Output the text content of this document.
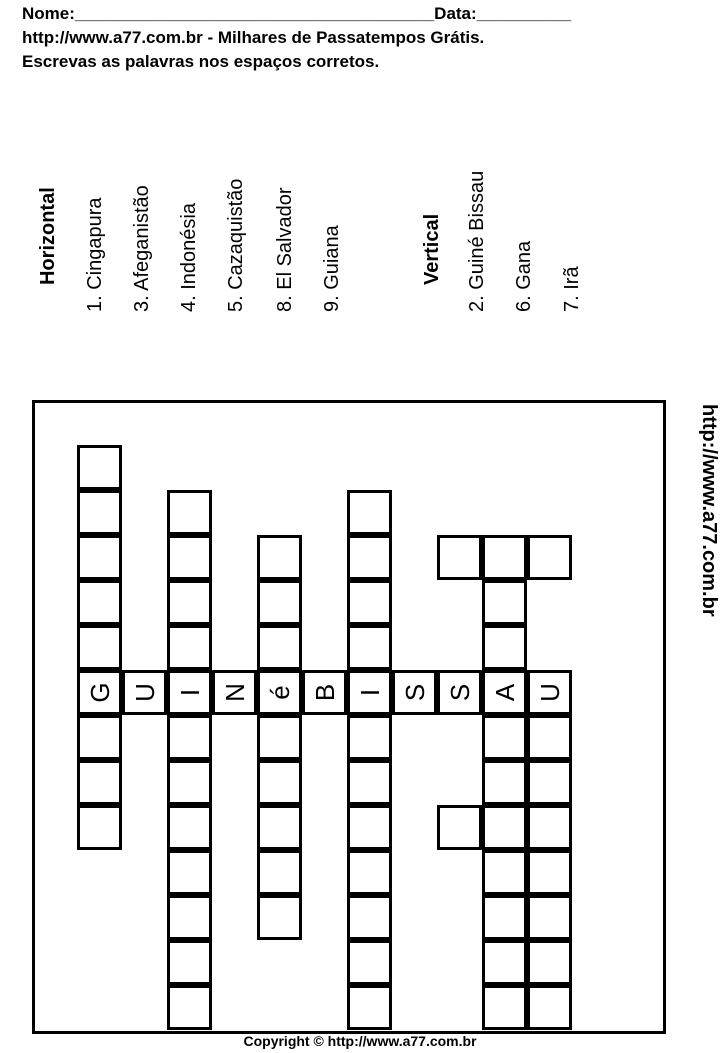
Nome:______________________________________Data:__________
http://www.a77.com.br - Milhares de Passatempos Grátis.
Escrevas as palavras nos espaços corretos.
Horizontal 1. Cingapura 3. Afeganistão 4. Indonésia 5. Cazaquistão 8. El Salvador 9. Guiana	Vertical 2. Guiné Bissau 6. Gana 7. Irã
G I é I	A
U N B S S U
http://www.a77.com.br
Copyright © http://www.a77.com.br
